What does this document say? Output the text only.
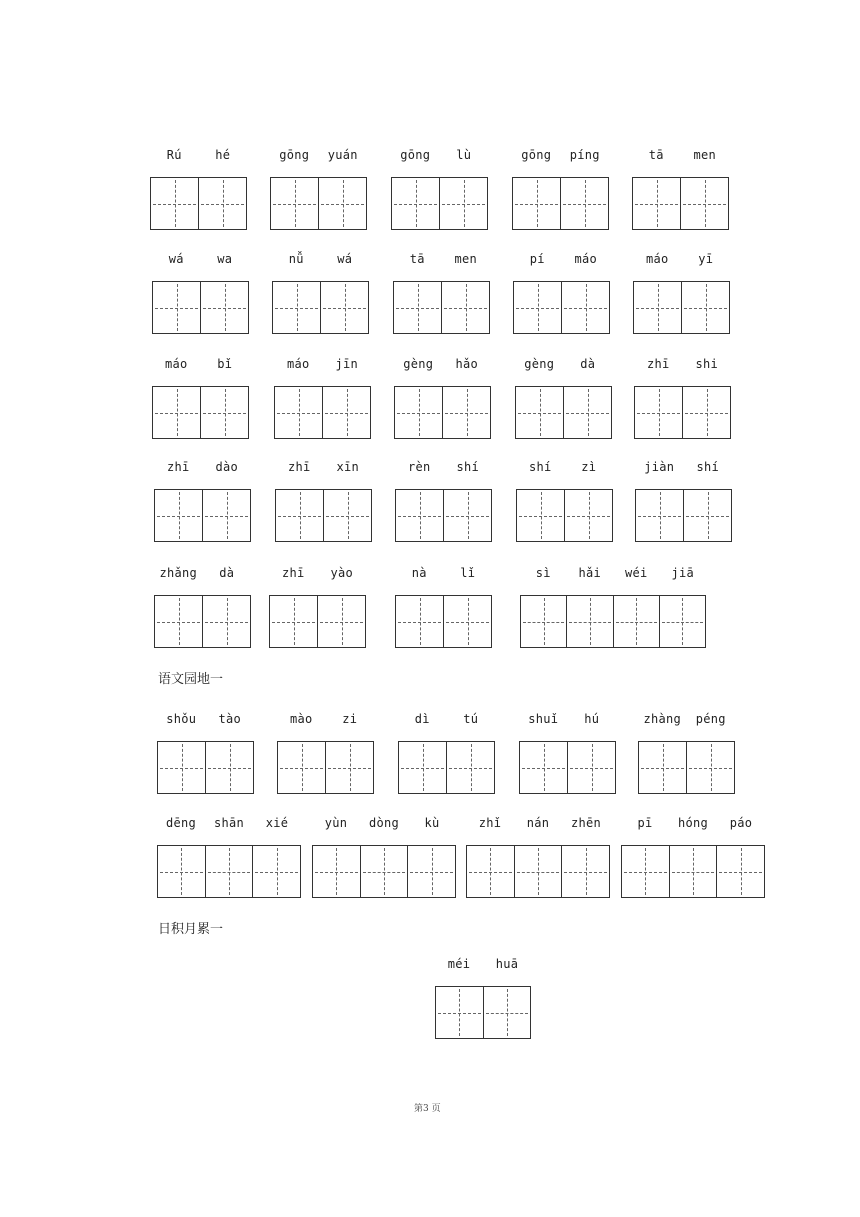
Rú	hé	gōng yuán	gōng lù	gōng píng	tā men
wá	wa	nǚ	wá	tā men	pí máo	máo yī
máo bǐ	máo jīn	gèng hǎo	gèng dà	zhī shi
zhī dào	zhī xīn	rèn shí	shí zì	jiàn shí
zhǎng dà	zhī yào	nà	lǐ	sì hǎi wéi jiā
语文园地一
shǒu tào	mào zi	dì	tú	shuǐ hú	zhàng péng
dēng shān xié	yùn dòng kù	zhǐ nán zhēn	pī hóng páo
日积月累一
méi huā
第3 页
